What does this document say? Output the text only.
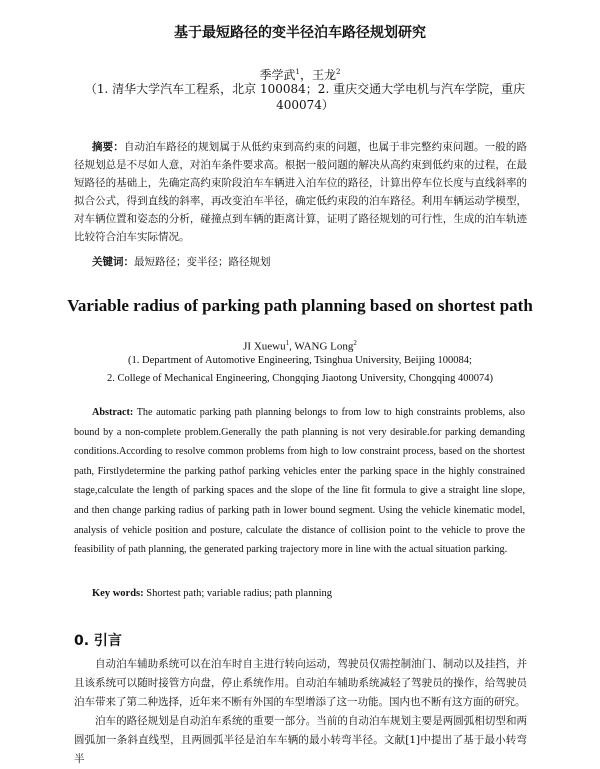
基于最短路径的变半径泊车路径规划研究
季学武$^1$，王龙$^2$
（1. 清华大学汽车工程系，北京 100084；2. 重庆交通大学电机与汽车学院，重庆 400074）

摘要：自动泊车路径的规划属于从低约束到高约束的问题，也属于非完整约束问题。一般的路径规划总是不尽如人意，对泊车条件要求高。根据一般问题的解决从高约束到低约束的过程，在最短路径的基础上，先确定高约束阶段泊车车辆进入泊车位的路径，计算出停车位长度与直线斜率的拟合公式，得到直线的斜率，再改变泊车半径，确定低约束段的泊车路径。利用车辆运动学模型，对车辆位置和姿态的分析，碰撞点到车辆的距离计算，证明了路径规划的可行性，生成的泊车轨迹比较符合泊车实际情况。

关键词：最短路径；变半径；路径规划
Variable radius of parking path planning based on shortest path
JI Xuewu$^1$, WANG Long$^2$
(1. Department of Automotive Engineering, Tsinghua University, Beijing 100084;
2. College of Mechanical Engineering, Chongqing Jiaotong University, Chongqing 400074)

Abstract: The automatic parking path planning belongs to from low to high constraints problems, also bound by a non-complete problem.Generally the path planning is not very desirable.for parking demanding conditions.According to resolve common problems from high to low constraint process, based on the shortest path, Firstlydetermine the parking pathof parking vehicles enter the parking space in the highly constrained stage,calculate the length of parking spaces and the slope of the line fit formula to give a straight line slope, and then change parking radius of parking path in lower bound segment. Using the vehicle kinematic model, analysis of vehicle position and posture, calculate the distance of collision point to the vehicle to prove the feasibility of path planning, the generated parking trajectory more in line with the actual situation parking.

Key words: Shortest path; variable radius; path planning
0. 引言

自动泊车辅助系统可以在泊车时自主进行转向运动，驾驶员仅需控制油门、制动以及挂挡，并且该系统可以随时接管方向盘，停止系统作用。自动泊车辅助系统减轻了驾驶员的操作，给驾驶员泊车带来了第二种选择，近年来不断有外国的车型增添了这一功能。国内也不断有这方面的研究。

泊车的路径规划是自动泊车系统的重要一部分。当前的自动泊车规划主要是两圆弧相切型和两圆弧加一条斜直线型，且两圆弧半径是泊车车辆的最小转弯半径。文献[1]中提出了基于最小转弯半
